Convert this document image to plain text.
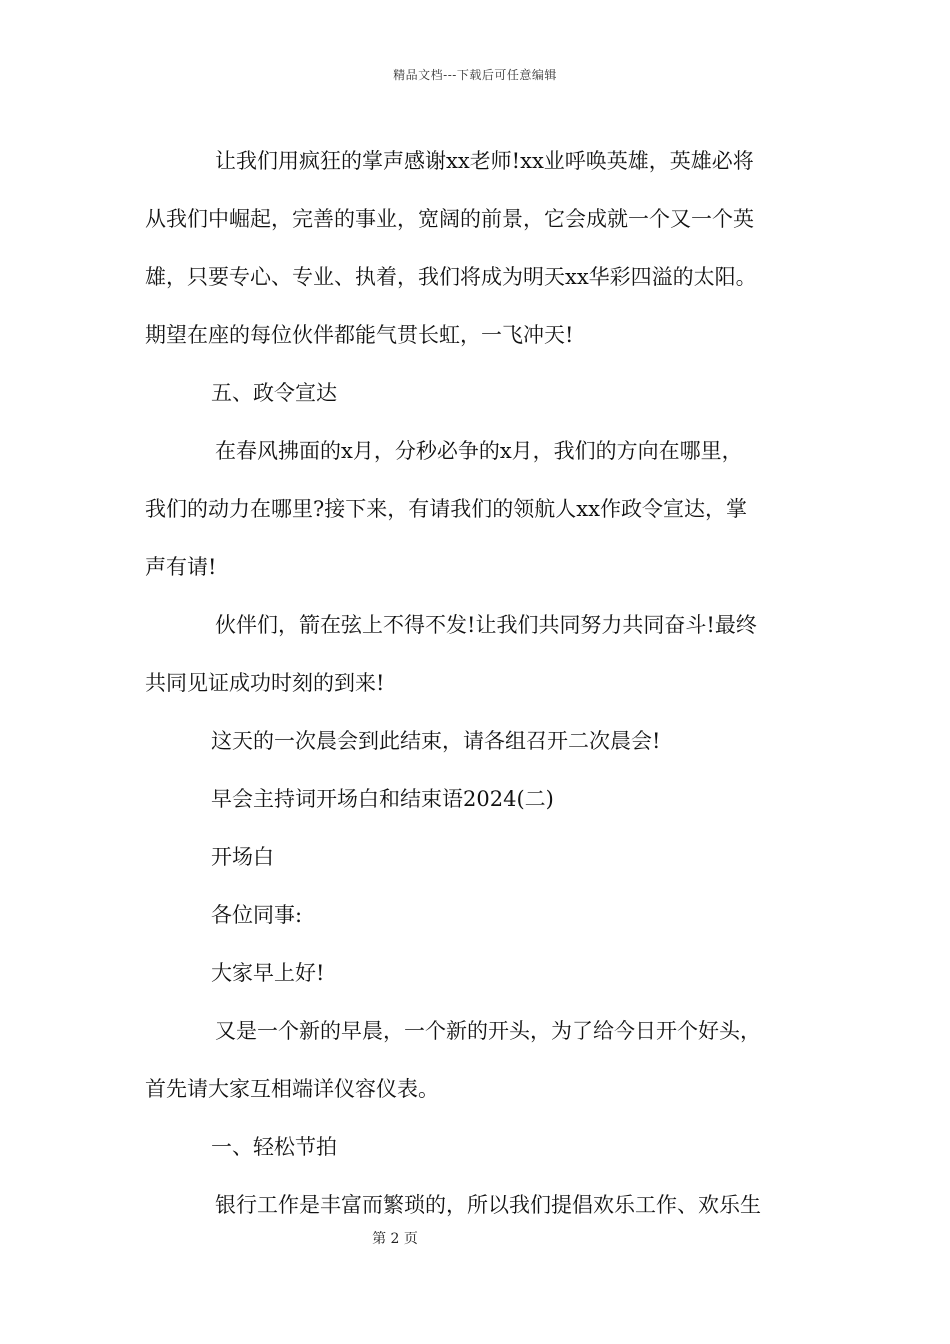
精品文档---下载后可任意编辑

让我们用疯狂的掌声感谢xx老师!xx业呼唤英雄，英雄必将

从我们中崛起，完善的事业，宽阔的前景，它会成就一个又一个英

雄，只要专心、专业、执着，我们将成为明天xx华彩四溢的太阳。

期望在座的每位伙伴都能气贯长虹，一飞冲天!

五、政令宣达

在春风拂面的x月，分秒必争的x月，我们的方向在哪里，

我们的动力在哪里?接下来，有请我们的领航人xx作政令宣达，掌

声有请!

伙伴们，箭在弦上不得不发!让我们共同努力共同奋斗!最终

共同见证成功时刻的到来!

这天的一次晨会到此结束，请各组召开二次晨会!

早会主持词开场白和结束语2024(二)

开场白

各位同事:

大家早上好!

又是一个新的早晨，一个新的开头，为了给今日开个好头，

首先请大家互相端详仪容仪表。

一、轻松节拍

银行工作是丰富而繁琐的，所以我们提倡欢乐工作、欢乐生

第 2 页
